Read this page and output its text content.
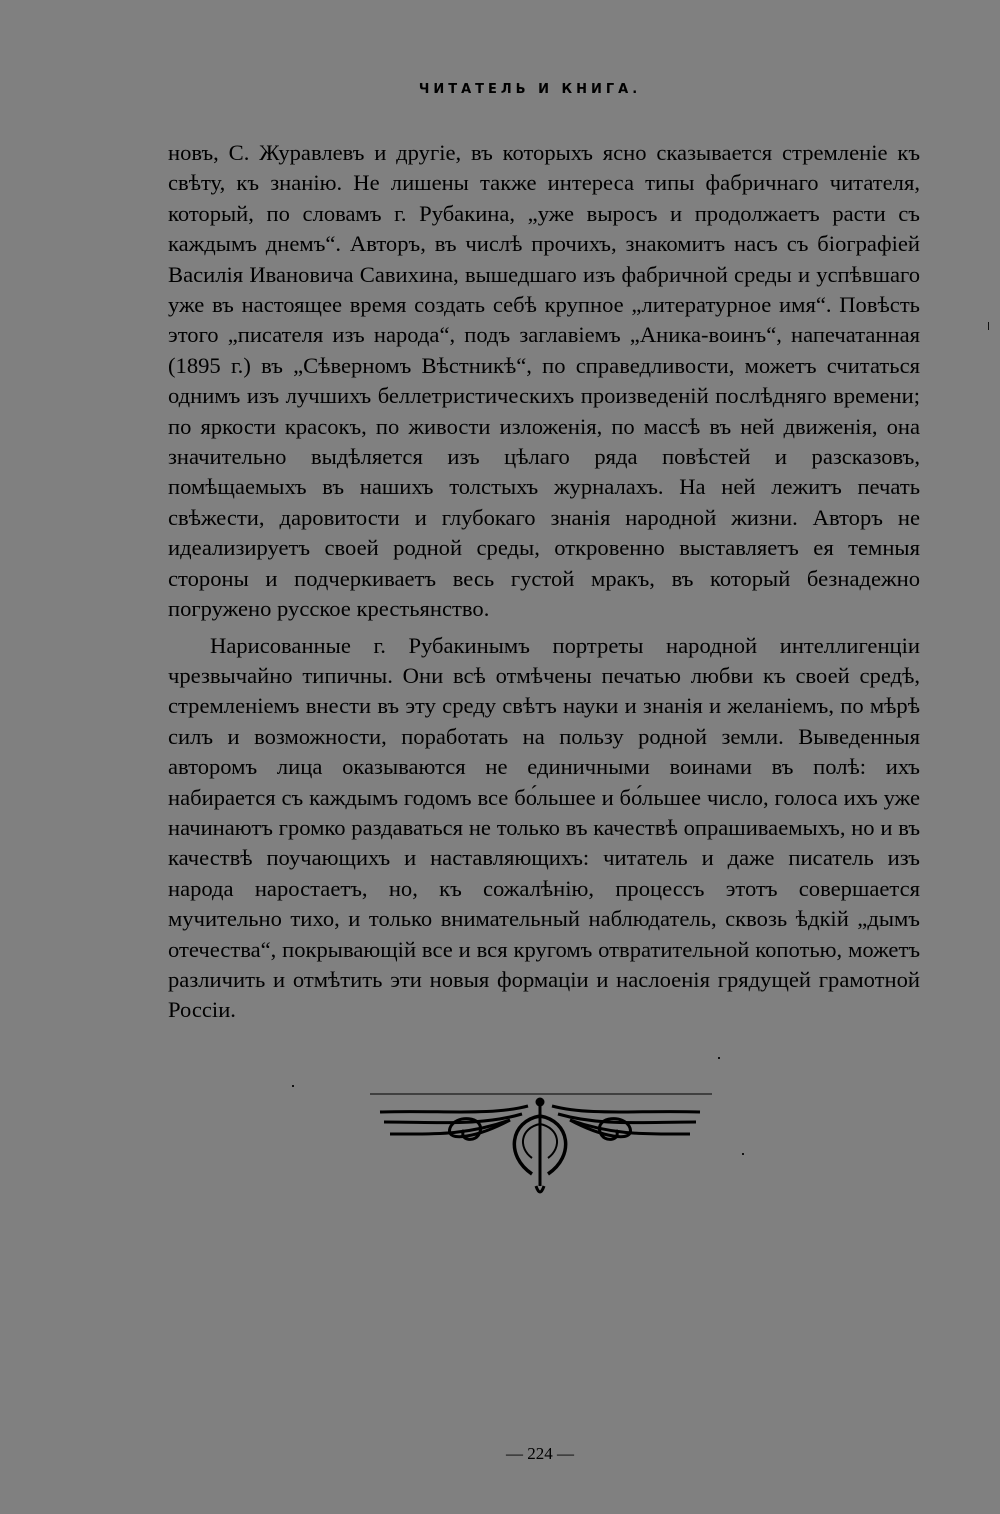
ЧИТАТЕЛЬ И КНИГА.

новъ, С. Журавлевъ и другіе, въ которыхъ ясно сказывается стремленіе къ свѣту, къ знанію. Не лишены также интереса типы фабричнаго читателя, который, по словамъ г. Рубакина, „уже выросъ и продолжаетъ расти съ каждымъ днемъ“. Авторъ, въ числѣ прочихъ, знакомитъ насъ съ біографіей Василія Ивановича Савихина, вышедшаго изъ фабричной среды и успѣвшаго уже въ настоящее время создать себѣ крупное „литературное имя“. Повѣсть этого „писателя изъ народа“, подъ заглавіемъ „Аника-воинъ“, напечатанная (1895 г.) въ „Сѣверномъ Вѣстникѣ“, по справедливости, можетъ считаться однимъ изъ лучшихъ беллетристическихъ произведеній послѣдняго времени; по яркости красокъ, по живости изложенія, по массѣ въ ней движенія, она значительно выдѣляется изъ цѣлаго ряда повѣстей и разсказовъ, помѣщаемыхъ въ нашихъ толстыхъ журналахъ. На ней лежитъ печать свѣжести, даровитости и глубокаго знанія народной жизни. Авторъ не идеализируетъ своей родной среды, откровенно выставляетъ ея темныя стороны и подчеркиваетъ весь густой мракъ, въ который безнадежно погружено русское крестьянство.

Нарисованные г. Рубакинымъ портреты народной интеллигенціи чрезвычайно типичны. Они всѣ отмѣчены печатью любви къ своей средѣ, стремленіемъ внести въ эту среду свѣтъ науки и знанія и желаніемъ, по мѣрѣ силъ и возможности, поработать на пользу родной земли. Выведенныя авторомъ лица оказываются не единичными воинами въ полѣ: ихъ набирается съ каждымъ годомъ все бо́льшее и бо́льшее число, голоса ихъ уже начинаютъ громко раздаваться не только въ качествѣ опрашиваемыхъ, но и въ качествѣ поучающихъ и наставляющихъ: читатель и даже писатель изъ народа наростаетъ, но, къ сожалѣнію, процессъ этотъ совершается мучительно тихо, и только внимательный наблюдатель, сквозь ѣдкій „дымъ отечества“, покрывающій все и вся кругомъ отвратительной копотью, можетъ различить и отмѣтить эти новыя формаціи и наслоенія грядущей грамотной Россіи.

— 224 —
